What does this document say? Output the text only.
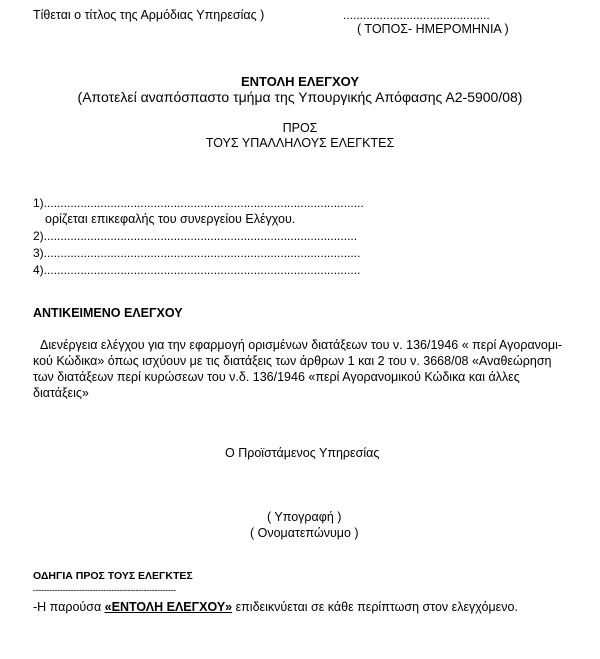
Τίθεται ο τίτλος της Αρμόδιας Υπηρεσίας )	............................................
( ΤΟΠΟΣ- ΗΜΕΡΟΜΗΝΙΑ )
ΕΝΤΟΛΗ ΕΛΕΓΧΟΥ
(Αποτελεί αναπόσπαστο τμήμα της Υπουργικής Απόφασης Α2-5900/08)
ΠΡΟΣ
ΤΟΥΣ ΥΠΑΛΛΗΛΟΥΣ ΕΛΕΓΚΤΕΣ
1)................................................................................................
ορίζεται επικεφαλής του συνεργείου Ελέγχου.
2)..............................................................................................
3)...............................................................................................
4)...............................................................................................
ΑΝΤΙΚΕΙΜΕΝΟ ΕΛΕΓΧΟΥ
Διενέργεια ελέγχου για την εφαρμογή ορισμένων διατάξεων του ν. 136/1946 « περί Αγορανομι-
κού Κώδικα» όπως ισχύουν με τις διατάξεις των άρθρων 1 και 2 του ν. 3668/08 «Αναθεώρηση
των διατάξεων περί κυρώσεων του ν.δ. 136/1946 «περί Αγορανομικού Κώδικα και άλλες
διατάξεις»
Ο Προϊστάμενος Υπηρεσίας
( Υπογραφή )
( Ονοματεπώνυμο )
ΟΔΗΓΙΑ ΠΡΟΣ ΤΟΥΣ ΕΛΕΓΚΤΕΣ
-----------------------------------------------------
-Η παρούσα «ΕΝΤΟΛΗ ΕΛΕΓΧΟΥ» επιδεικνύεται σε κάθε περίπτωση στον ελεγχόμενο.
